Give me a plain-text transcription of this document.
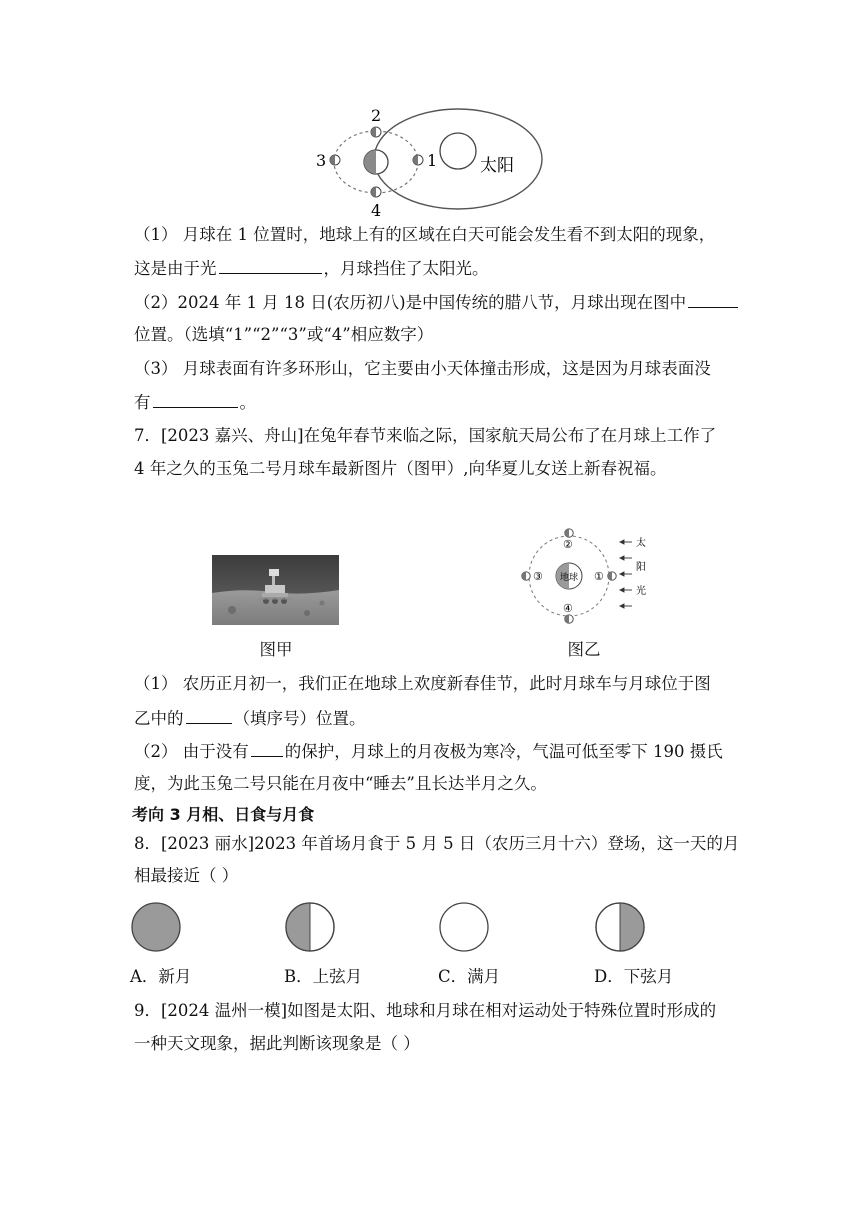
2
3	1
4
太阳
（1） 月球在 1 位置时，地球上有的区域在白天可能会发生看不到太阳的现象，
这是由于光	，月球挡住了太阳光。
（2）2024 年 1 月 18 日(农历初八)是中国传统的腊八节，月球出现在图中
位置。（选填“1”“2”“3”或“4”相应数字）
（3） 月球表面有许多环形山，它主要由小天体撞击形成，这是因为月球表面没
有	。
7．[2023 嘉兴、舟山]在兔年春节来临之际，国家航天局公布了在月球上工作了
4 年之久的玉兔二号月球车最新图片（图甲）,向华夏儿女送上新春祝福。
图甲
地球 ①
②
③
④
太
阳
光
图乙
（1） 农历正月初一，我们正在地球上欢度新春佳节，此时月球车与月球位于图
乙中的	（填序号）位置。
（2） 由于没有 的保护，月球上的月夜极为寒冷，气温可低至零下 190 摄氏
度，为此玉兔二号只能在月夜中“睡去”且长达半月之久。
考向 3 月相、日食与月食
8．[2023 丽水]2023 年首场月食于 5 月 5 日（农历三月十六）登场，这一天的月
相最接近（ ）
A．新月	B．上弦月	C．满月	D．下弦月
9．[2024 温州一模]如图是太阳、地球和月球在相对运动处于特殊位置时形成的
一种天文现象，据此判断该现象是（ ）
